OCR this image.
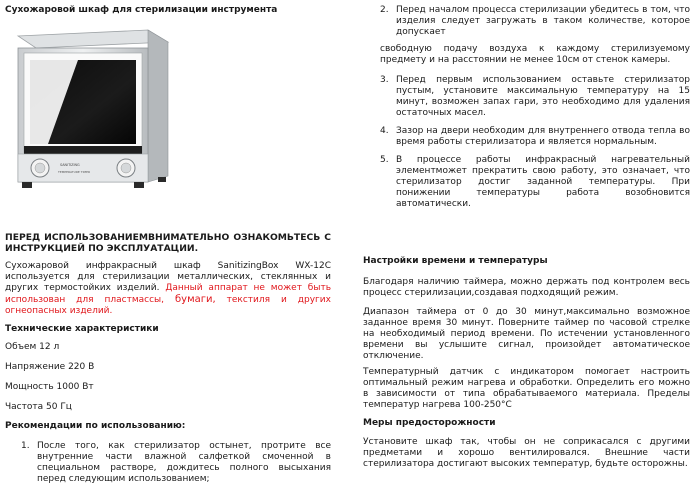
Сухожаровой шкаф для стерилизации инструмента
SANITIZING
TEMPERATURE TIMER
ПЕРЕД ИСПОЛЬЗОВАНИЕМВНИМАТЕЛЬНО ОЗНАКОМЬТЕСЬ С ИНСТРУКЦИЕЙ ПО ЭКСПЛУАТАЦИИ.

Сухожаровой инфракрасный шкаф SanitizingBox WX-12C используется для стерилизации металлических, стеклянных и других термостойких изделий. Данный аппарат не может быть использован для пластмассы, бумаги, текстиля и других огнеопасных изделий.

Технические характеристики
Объем 12 л
Напряжение 220 В
Мощность 1000 Вт
Частота 50 Гц
Рекомендации по использованию:
1. После того, как стерилизатор остынет, протрите все внутренние части влажной салфеткой смоченной в специальном растворе, дождитесь полного высыхания перед следующим использованием;
2. Перед началом процесса стерилизации убедитесь в том, что изделия следует загружать в таком количестве, которое допускает

свободную подачу воздуха к каждому стерилизуемому предмету и на расстоянии не менее 10см от стенок камеры.

3. Перед первым использованием оставьте стерилизатор пустым, установите максимальную температуру на 15 минут, возможен запах гари, это необходимо для удаления остаточных масел.
4. Зазор на двери необходим для внутреннего отвода тепла во время работы стерилизатора и является нормальным.
5. В процессе работы инфракрасный нагревательный элементможет прекратить свою работу, это означает, что стерилизатор достиг заданной температуры. При понижении температуры работа возобновится автоматически.
Настройки времени и температуры

Благодаря наличию таймера, можно держать под контролем весь процесс стерилизации,создавая подходящий режим.

Диапазон таймера от 0 до 30 минут,максимально возможное заданное время 30 минут. Поверните таймер по часовой стрелке на необходимый период времени. По истечении установленного времени вы услышите сигнал, произойдет автоматическое отключение.

Температурный датчик с индикатором помогает настроить оптимальный режим нагрева и обработки. Определить его можно в зависимости от типа обрабатываемого материала. Пределы температур нагрева 100-250°С

Меры предосторожности

Установите шкаф так, чтобы он не соприкасался с другими предметами и хорошо вентилировался. Внешние части стерилизатора достигают высоких температур, будьте осторожны.
